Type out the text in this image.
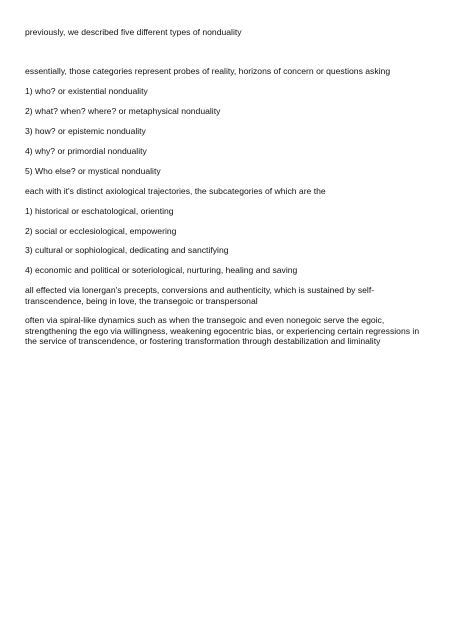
previously, we described five different types of nonduality

essentially, those categories represent probes of reality, horizons of concern or questions asking

1) who? or existential nonduality

2) what? when? where? or metaphysical nonduality

3) how? or epistemic nonduality

4) why? or primordial nonduality

5) Who else? or mystical nonduality

each with it's distinct axiological trajectories, the subcategories of which are the

1) historical or eschatological, orienting

2) social or ecclesiological, empowering

3) cultural or sophiological, dedicating and sanctifying

4) economic and political or soteriological, nurturing, healing and saving

all effected via lonergan's precepts, conversions and authenticity, which is sustained by self-transcendence, being in love, the transegoic or transpersonal

often via spiral-like dynamics such as when the transegoic and even nonegoic serve the egoic, strengthening the ego via willingness, weakening egocentric bias, or experiencing certain regressions in the service of transcendence, or fostering transformation through destabilization and liminality
